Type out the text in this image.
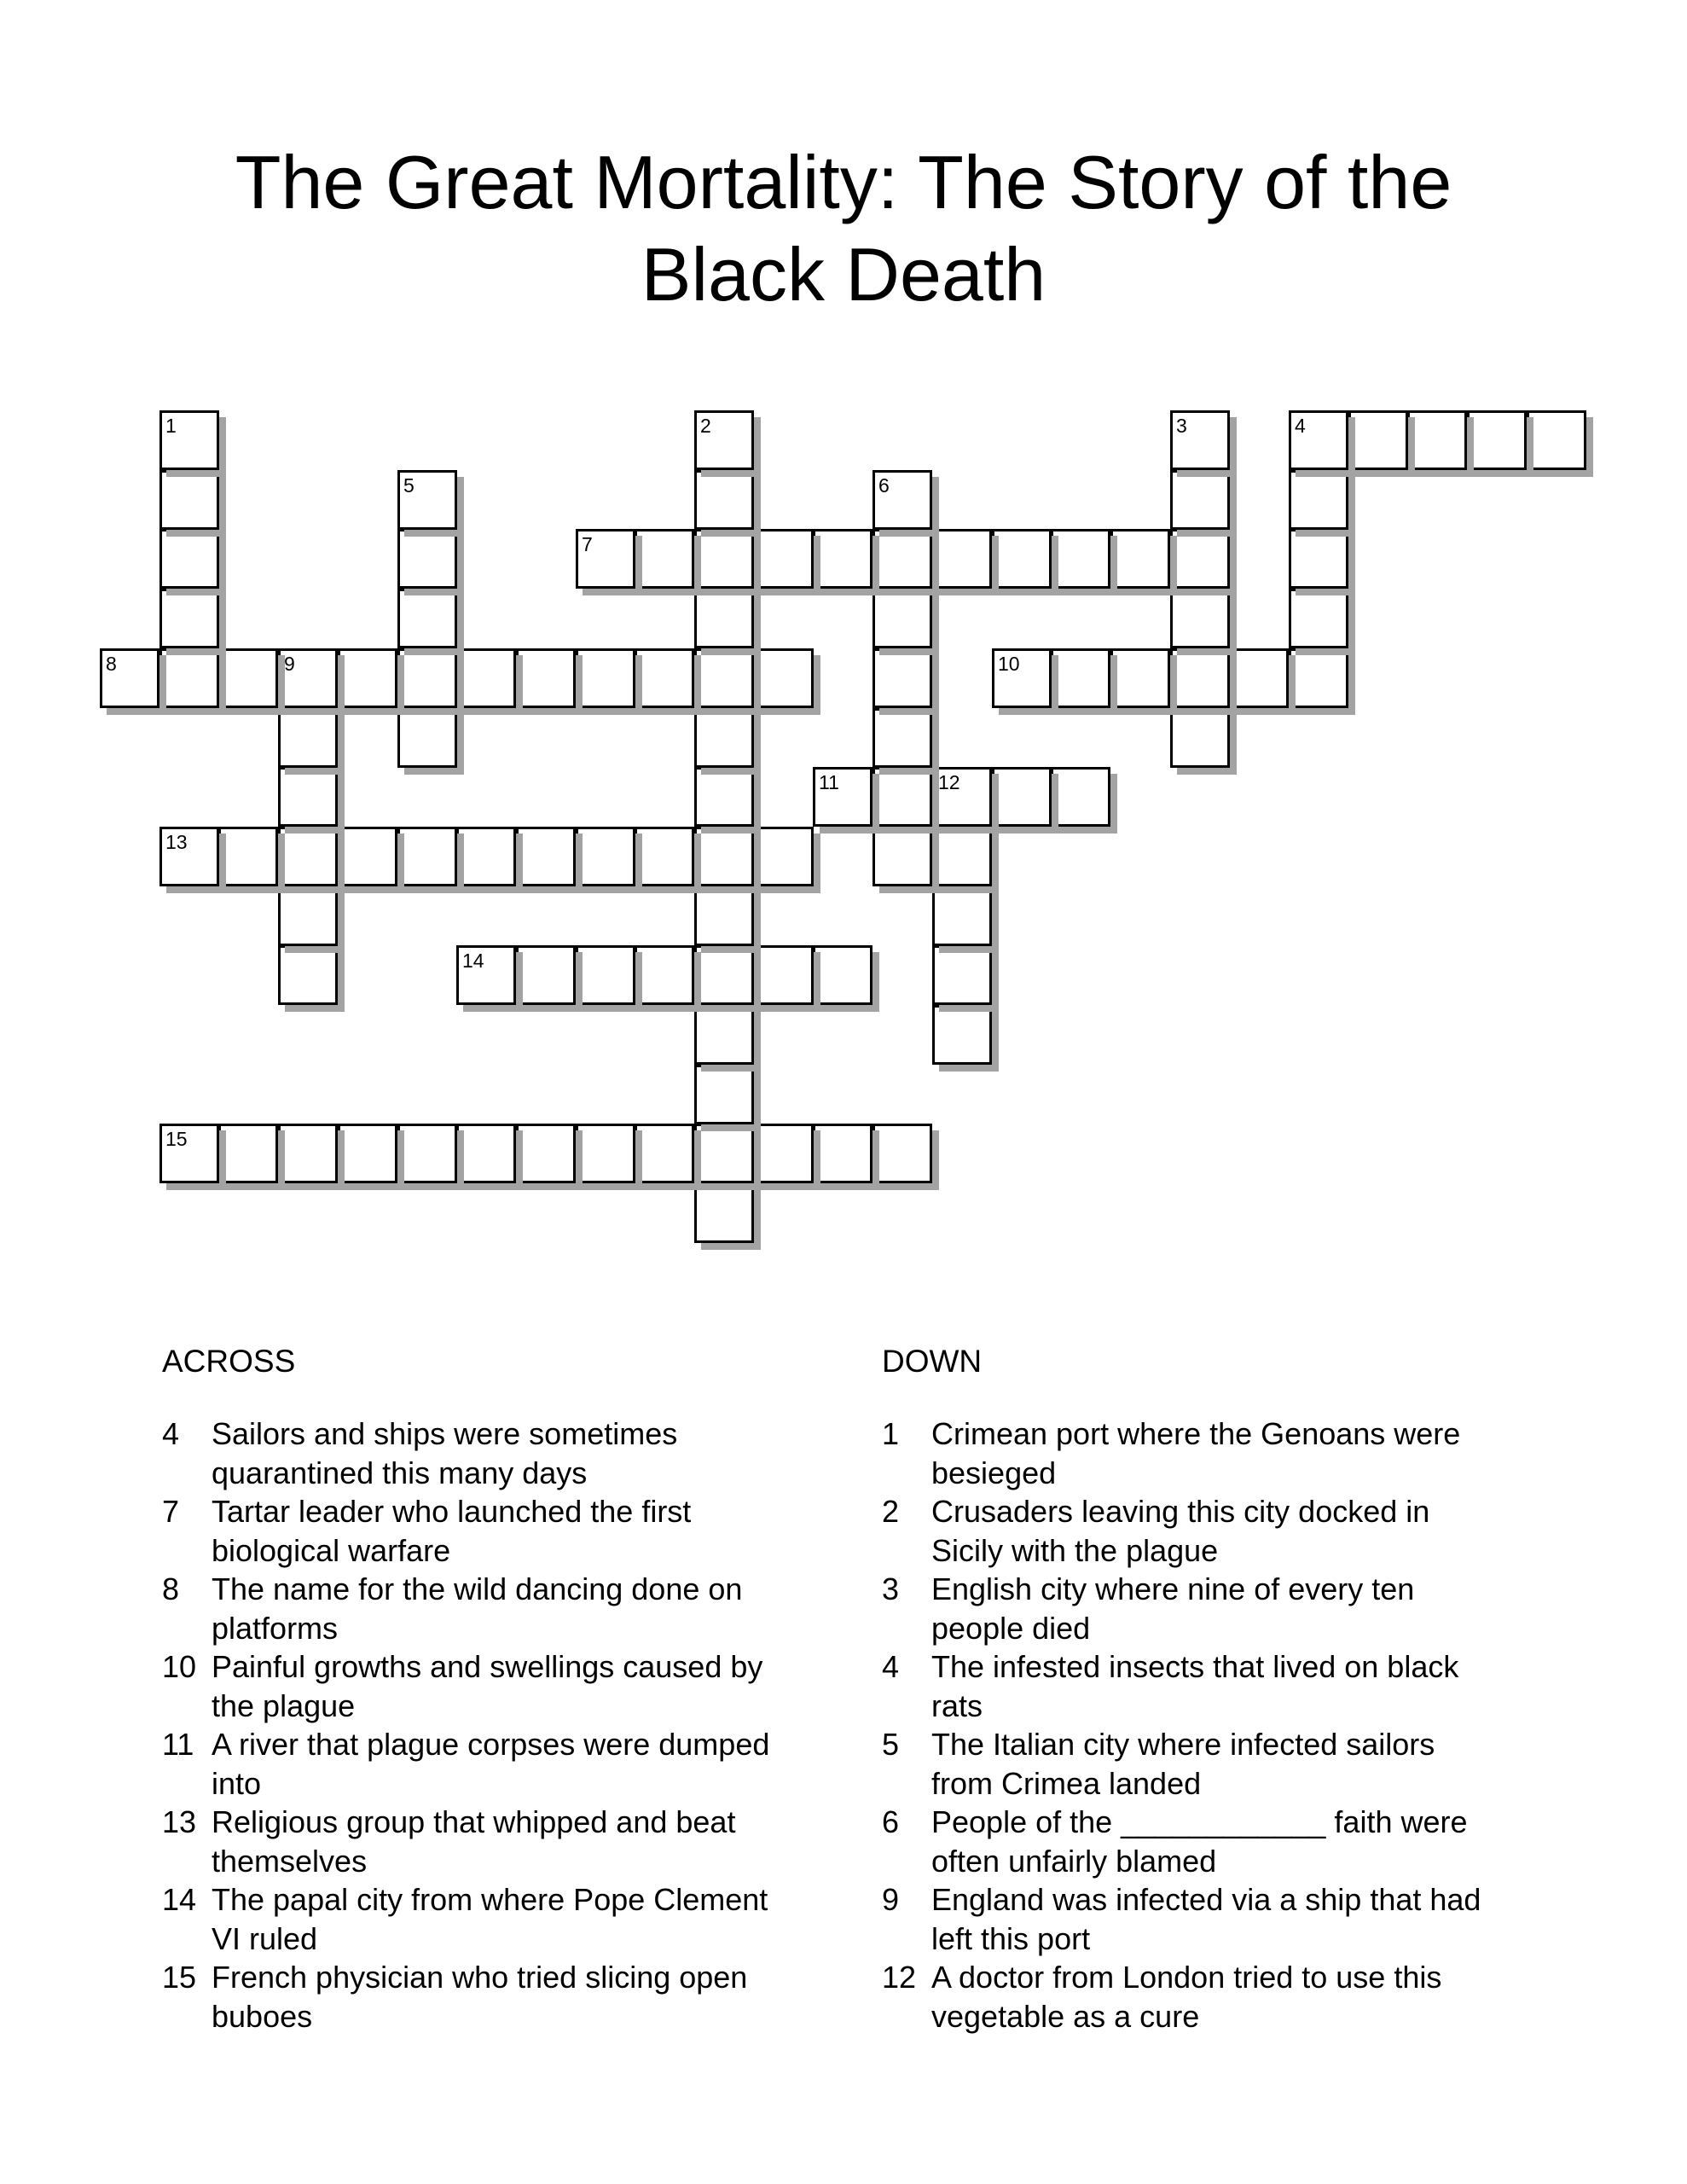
The Great Mortality: The Story of the
Black Death
4
12
10
3
11
14
6
15
2
7
13
9
5
8
1
ACROSS	DOWN
4	Sailors and ships were sometimes quarantined this many days
7	Tartar leader who launched the first biological warfare
8	The name for the wild dancing done on platforms
10 Painful growths and swellings caused by the plague
11 A river that plague corpses were dumped into
13 Religious group that whipped and beat themselves
14 The papal city from where Pope Clement VI ruled
15 French physician who tried slicing open buboes
1	Crimean port where the Genoans were besieged
2	Crusaders leaving this city docked in Sicily with the plague
3	English city where nine of every ten people died
4	The infested insects that lived on black rats
5	The Italian city where infected sailors from Crimea landed
6	People of the ____________ faith were often unfairly blamed
9	England was infected via a ship that had left this port
12 A doctor from London tried to use this vegetable as a cure
